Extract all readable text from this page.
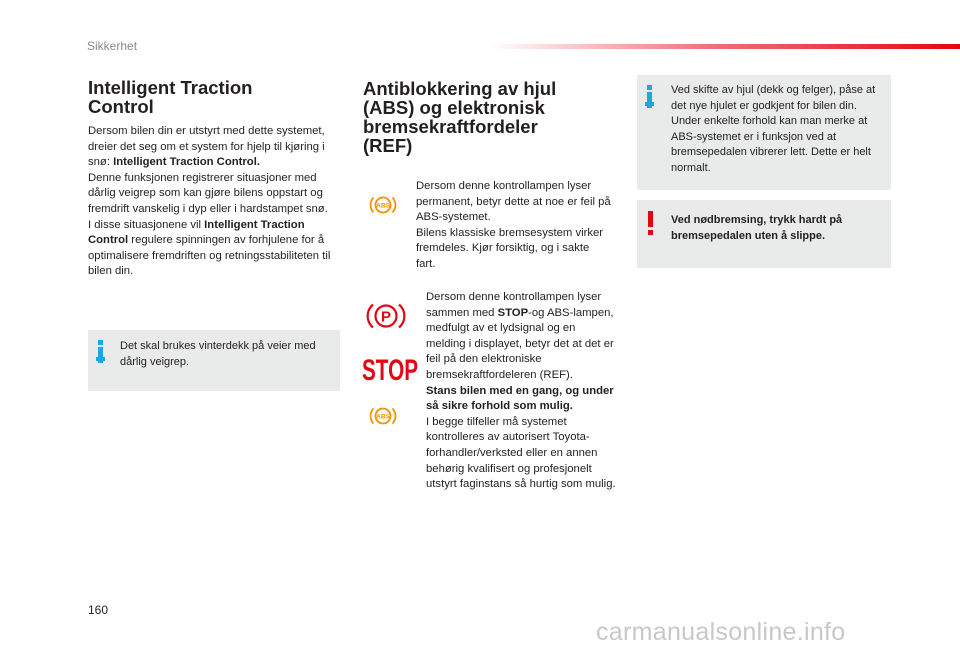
Sikkerhet
Intelligent Traction
Control
Dersom bilen din er utstyrt med dette systemet, dreier det seg om et system for hjelp til kjøring i snø: Intelligent Traction Control.
Denne funksjonen registrerer situasjoner med dårlig veigrep som kan gjøre bilens oppstart og fremdrift vanskelig i dyp eller i hardstampet snø.
I disse situasjonene vil Intelligent Traction Control regulere spinningen av forhjulene for å optimalisere fremdriften og retningsstabiliteten til bilen din.
Det skal brukes vinterdekk på veier med dårlig veigrep.
Antiblokkering av hjul
(ABS) og elektronisk
bremsekraftfordeler
(REF)
ABS
Dersom denne kontrollampen lyser permanent, betyr dette at noe er feil på ABS-systemet.
Bilens klassiske bremsesystem virker fremdeles. Kjør forsiktig, og i sakte fart.
P
STOP
ABS
Dersom denne kontrollampen lyser sammen med STOP-og ABS-lampen, medfulgt av et lydsignal og en melding i displayet, betyr det at det er feil på den elektroniske bremsekraftfordeleren (REF).
Stans bilen med en gang, og under så sikre forhold som mulig.
I begge tilfeller må systemet kontrolleres av autorisert Toyota-forhandler/verksted eller en annen behørig kvalifisert og profesjonelt utstyrt faginstans så hurtig som mulig.
Ved skifte av hjul (dekk og felger), påse at det nye hjulet er godkjent for bilen din. Under enkelte forhold kan man merke at ABS-systemet er i funksjon ved at bremsepedalen vibrerer lett. Dette er helt normalt.
Ved nødbremsing, trykk hardt på bremsepedalen uten å slippe.
160
carmanualsonline.info
